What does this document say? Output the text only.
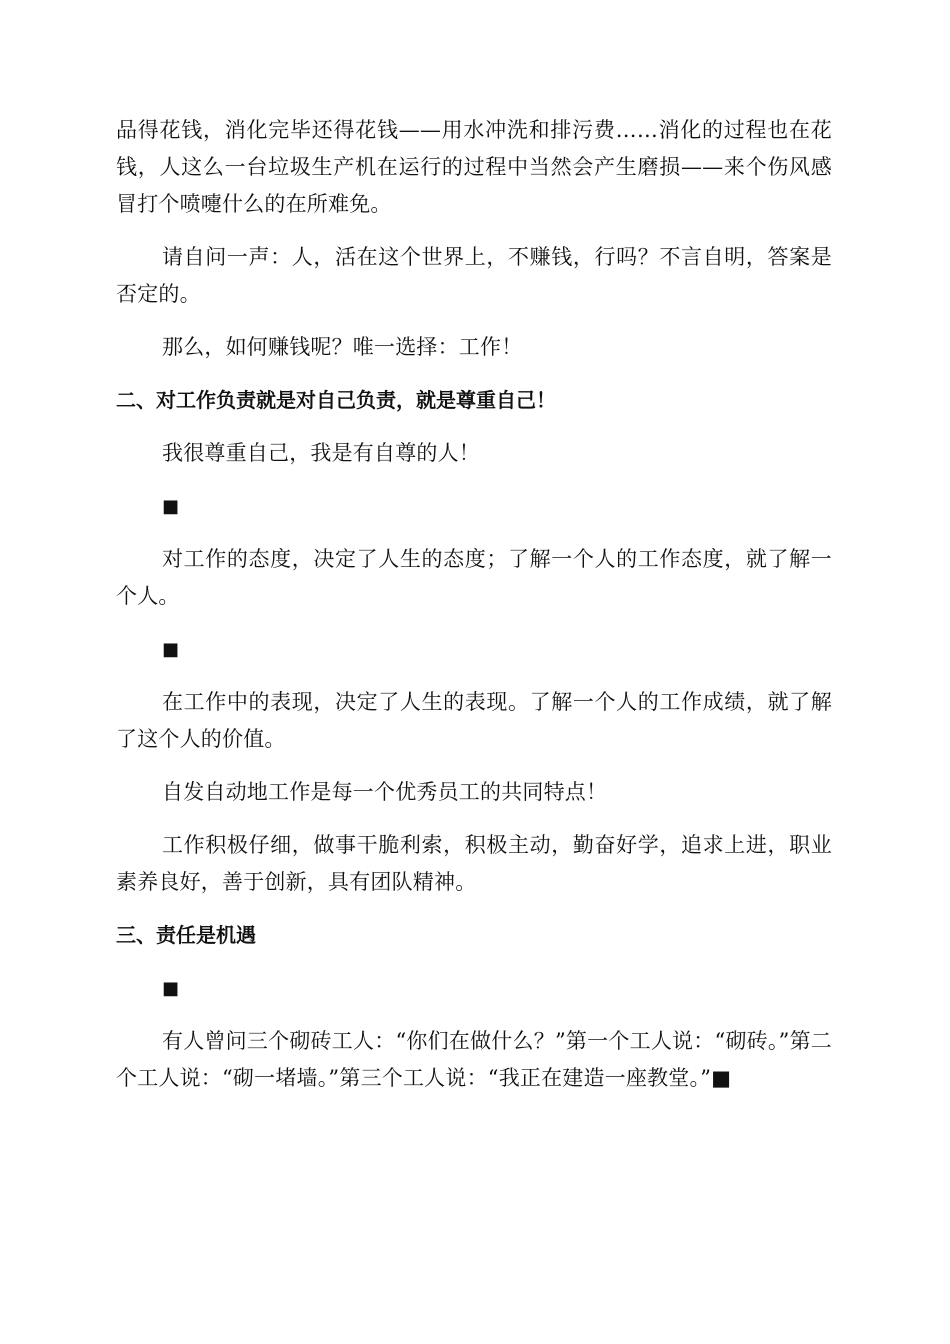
品得花钱，消化完毕还得花钱——用水冲洗和排污费……消化的过程也在花钱，人这么一台垃圾生产机在运行的过程中当然会产生磨损——来个伤风感冒打个喷嚏什么的在所难免。

请自问一声：人，活在这个世界上，不赚钱，行吗？不言自明，答案是否定的。

那么，如何赚钱呢？唯一选择：工作！

二、对工作负责就是对自己负责，就是尊重自己！

我很尊重自己，我是有自尊的人！

■

对工作的态度，决定了人生的态度；了解一个人的工作态度，就了解一个人。

■

在工作中的表现，决定了人生的表现。了解一个人的工作成绩，就了解了这个人的价值。

自发自动地工作是每一个优秀员工的共同特点！

工作积极仔细，做事干脆利索，积极主动，勤奋好学，追求上进，职业素养良好，善于创新，具有团队精神。

三、责任是机遇

■

有人曾问三个砌砖工人：“你们在做什么？”第一个工人说：“砌砖。”第二个工人说：“砌一堵墙。”第三个工人说：“我正在建造一座教堂。”■
